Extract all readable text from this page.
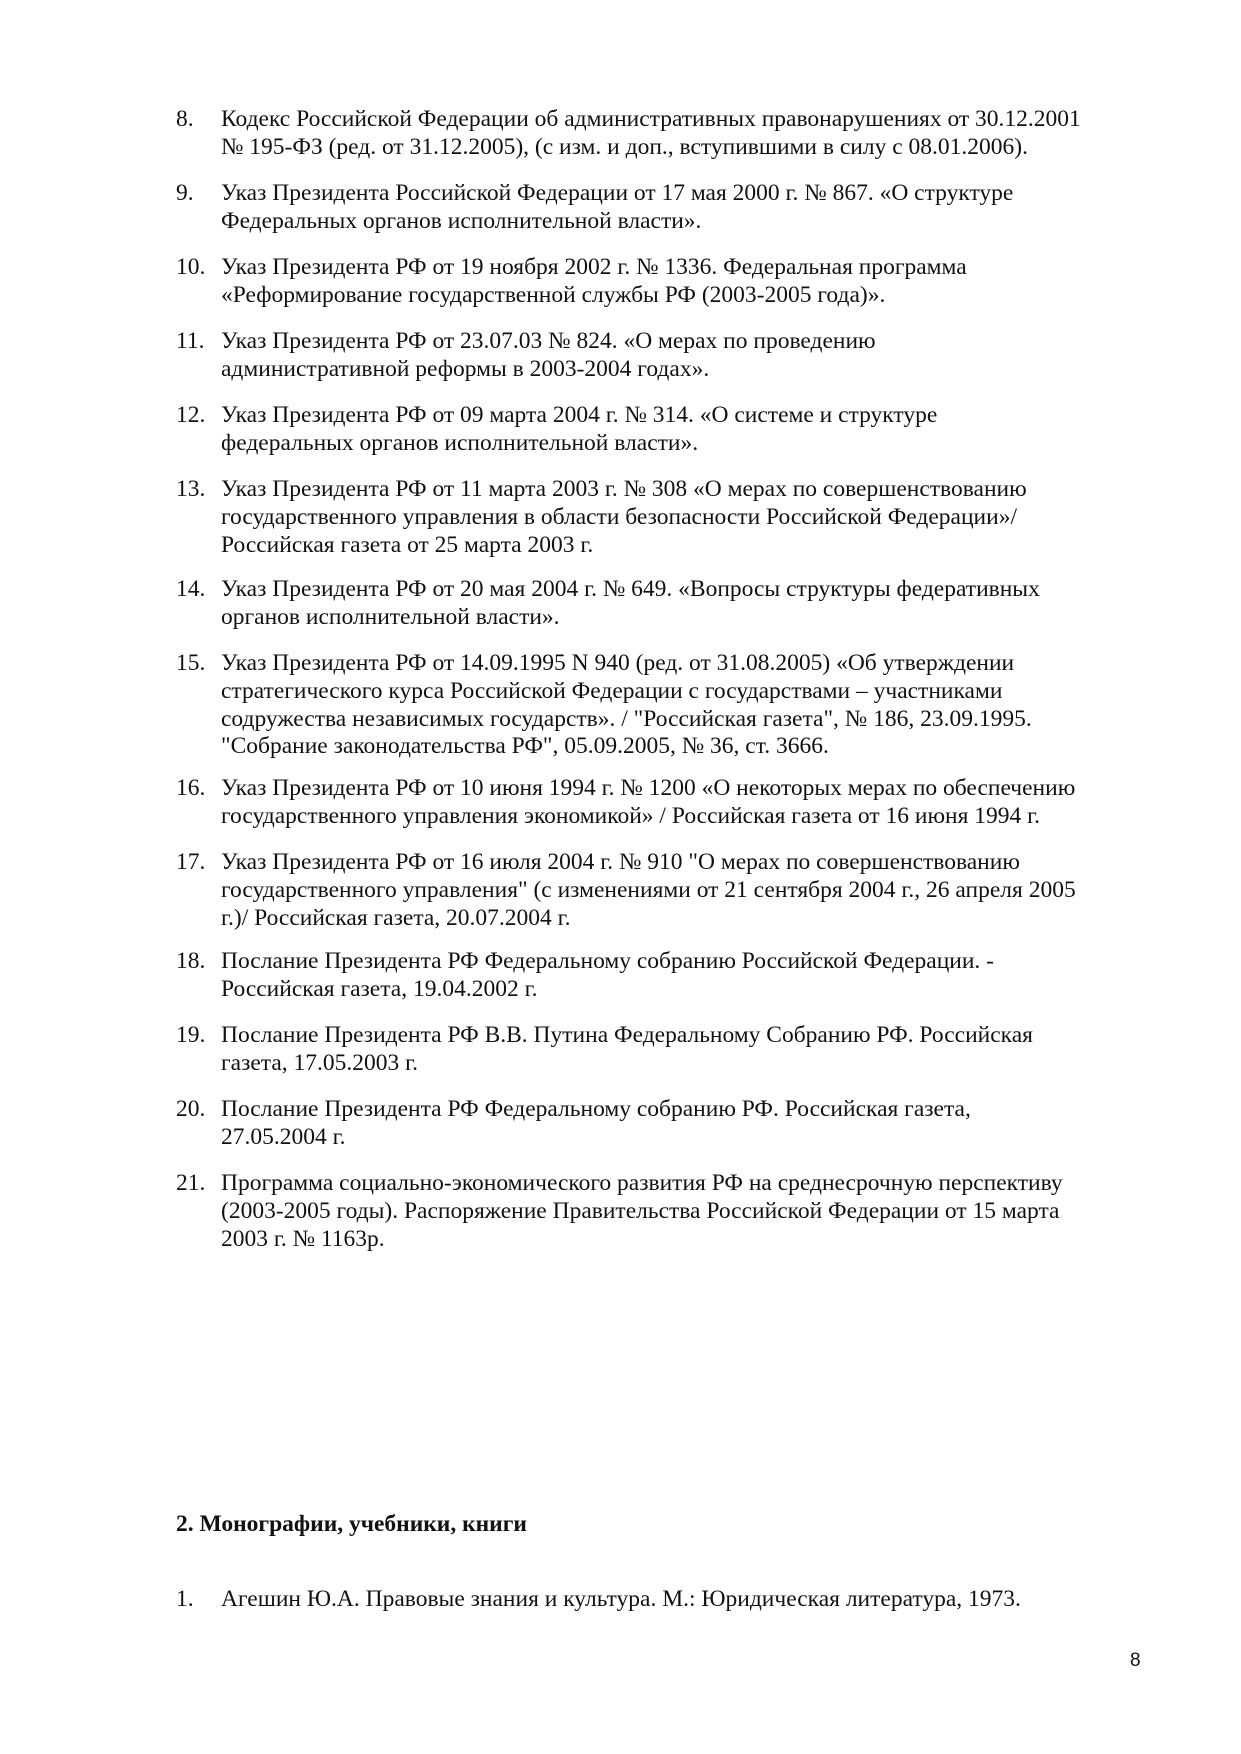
8. Кодекс Российской Федерации об административных правонарушениях от 30.12.2001
№ 195-ФЗ (ред. от 31.12.2005), (с изм. и доп., вступившими в силу с 08.01.2006).
9. Указ Президента Российской Федерации от 17 мая 2000 г. № 867. «О структуре
Федеральных органов исполнительной власти».
10. Указ Президента РФ от 19 ноября 2002 г. № 1336. Федеральная программа
«Реформирование государственной службы РФ (2003-2005 года)».
11. Указ Президента РФ от 23.07.03 № 824. «О мерах по проведению
административной реформы в 2003-2004 годах».
12. Указ Президента РФ от 09 марта 2004 г. № 314. «О системе и структуре
федеральных органов исполнительной власти».
13. Указ Президента РФ от 11 марта 2003 г. № 308 «О мерах по совершенствованию
государственного управления в области безопасности Российской Федерации»/
Российская газета от 25 марта 2003 г.
14. Указ Президента РФ от 20 мая 2004 г. № 649. «Вопросы структуры федеративных
органов исполнительной власти».
15. Указ Президента РФ от 14.09.1995 N 940 (ред. от 31.08.2005) «Об утверждении
стратегического курса Российской Федерации с государствами – участниками
содружества независимых государств». / "Российская газета", № 186, 23.09.1995.
"Собрание законодательства РФ", 05.09.2005, № 36, ст. 3666.
16. Указ Президента РФ от 10 июня 1994 г. № 1200 «О некоторых мерах по обеспечению
государственного управления экономикой» / Российская газета от 16 июня 1994 г.
17. Указ Президента РФ от 16 июля 2004 г. № 910 "О мерах по совершенствованию
государственного управления" (с изменениями от 21 сентября 2004 г., 26 апреля 2005
г.)/ Российская газета, 20.07.2004 г.
18. Послание Президента РФ Федеральному собранию Российской Федерации. -
Российская газета, 19.04.2002 г.
19. Послание Президента РФ В.В. Путина Федеральному Собранию РФ. Российская
газета, 17.05.2003 г.
20. Послание Президента РФ Федеральному собранию РФ. Российская газета,
27.05.2004 г.
21. Программа социально-экономического развития РФ на среднесрочную перспективу
(2003-2005 годы). Распоряжение Правительства Российской Федерации от 15 марта
2003 г. № 1163р.
2. Монографии, учебники, книги
1. Агешин Ю.А. Правовые знания и культура. М.: Юридическая литература, 1973.
8
